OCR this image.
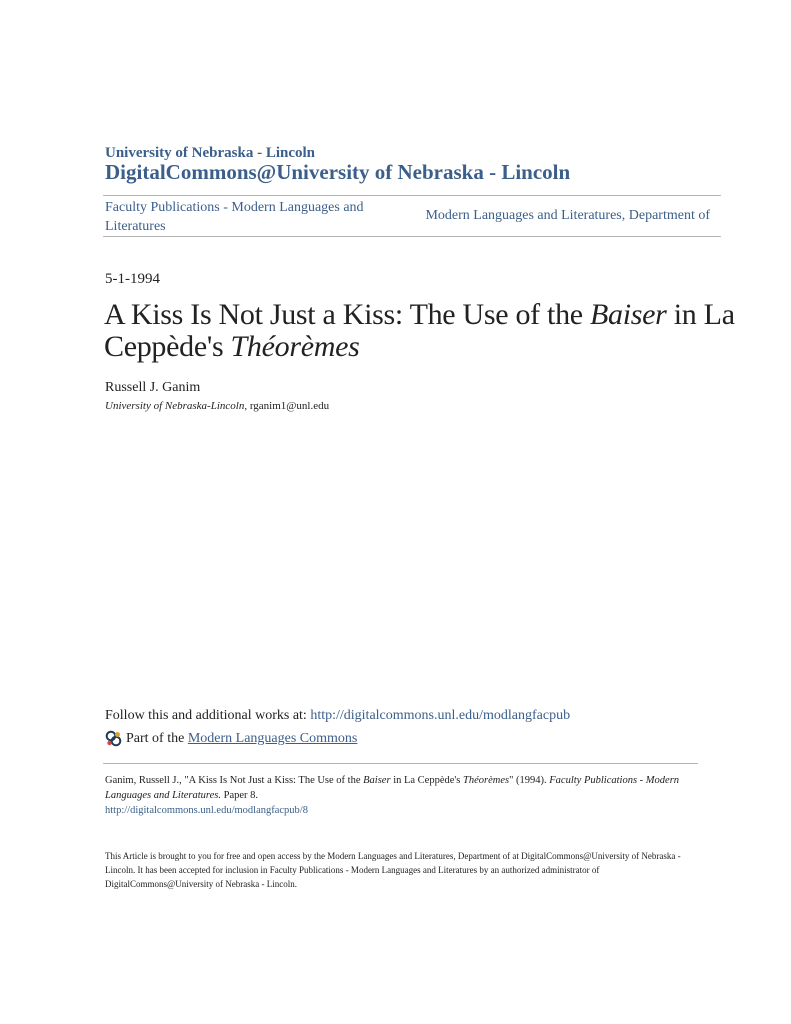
University of Nebraska - Lincoln
DigitalCommons@University of Nebraska - Lincoln
Faculty Publications - Modern Languages and Literatures
Modern Languages and Literatures, Department of
5-1-1994
A Kiss Is Not Just a Kiss: The Use of the Baiser in La Ceppède's Théorèmes
Russell J. Ganim
University of Nebraska-Lincoln, rganim1@unl.edu
Follow this and additional works at: http://digitalcommons.unl.edu/modlangfacpub
Part of the
Modern Languages Commons
Ganim, Russell J., "A Kiss Is Not Just a Kiss: The Use of the Baiser in La Ceppède's Théorèmes" (1994). Faculty Publications - Modern Languages and Literatures. Paper 8.
http://digitalcommons.unl.edu/modlangfacpub/8
This Article is brought to you for free and open access by the Modern Languages and Literatures, Department of at DigitalCommons@University of Nebraska - Lincoln. It has been accepted for inclusion in Faculty Publications - Modern Languages and Literatures by an authorized administrator of DigitalCommons@University of Nebraska - Lincoln.
